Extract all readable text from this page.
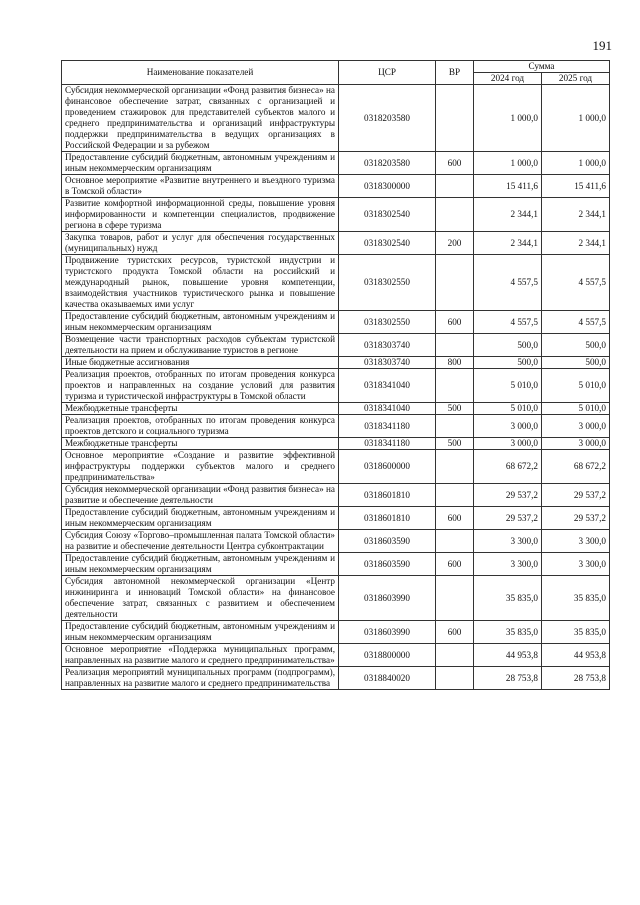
191
Наименование показателей	ЦСР	ВР	Сумма	
			2024 год	2025 год
Субсидия некоммерческой организации «Фонд развития бизнеса» на финансовое обеспечение затрат, связанных с организацией и проведением стажировок для представителей субъектов малого и среднего предпринимательства и организаций инфраструктуры поддержки предпринимательства в ведущих организациях в Российской Федерации и за рубежом	0318203580		1 000,0	1 000,0
Предоставление субсидий бюджетным, автономным учреждениям и иным некоммерческим организациям	0318203580	600	1 000,0	1 000,0
Основное мероприятие «Развитие внутреннего и въездного туризма в Томской области»	0318300000		15 411,6	15 411,6
Развитие комфортной информационной среды, повышение уровня информированности и компетенции специалистов, продвижение региона в сфере туризма	0318302540		2 344,1	2 344,1
Закупка товаров, работ и услуг для обеспечения государственных (муниципальных) нужд	0318302540	200	2 344,1	2 344,1
Продвижение туристских ресурсов, туристской индустрии и туристского продукта Томской области на российский и международный рынок, повышение уровня компетенции, взаимодействия участников туристического рынка и повышение качества оказываемых ими услуг	0318302550		4 557,5	4 557,5
Предоставление субсидий бюджетным, автономным учреждениям и иным некоммерческим организациям	0318302550	600	4 557,5	4 557,5
Возмещение части транспортных расходов субъектам туристской деятельности на прием и обслуживание туристов в регионе	0318303740		500,0	500,0
Иные бюджетные ассигнования	0318303740	800	500,0	500,0
Реализация проектов, отобранных по итогам проведения конкурса проектов и направленных на создание условий для развития туризма и туристической инфраструктуры в Томской области	0318341040		5 010,0	5 010,0
Межбюджетные трансферты	0318341040	500	5 010,0	5 010,0
Реализация проектов, отобранных по итогам проведения конкурса проектов детского и социального туризма	0318341180		3 000,0	3 000,0
Межбюджетные трансферты	0318341180	500	3 000,0	3 000,0
Основное мероприятие «Создание и развитие эффективной инфраструктуры поддержки субъектов малого и среднего предпринимательства»	0318600000		68 672,2	68 672,2
Субсидия некоммерческой организации «Фонд развития бизнеса» на развитие и обеспечение деятельности	0318601810		29 537,2	29 537,2
Предоставление субсидий бюджетным, автономным учреждениям и иным некоммерческим организациям	0318601810	600	29 537,2	29 537,2
Субсидия Союзу «Торгово–промышленная палата Томской области» на развитие и обеспечение деятельности Центра субконтрактации	0318603590		3 300,0	3 300,0
Предоставление субсидий бюджетным, автономным учреждениям и иным некоммерческим организациям	0318603590	600	3 300,0	3 300,0
Субсидия автономной некоммерческой организации «Центр инжиниринга и инноваций Томской области» на финансовое обеспечение затрат, связанных с развитием и обеспечением деятельности	0318603990		35 835,0	35 835,0
Предоставление субсидий бюджетным, автономным учреждениям и иным некоммерческим организациям	0318603990	600	35 835,0	35 835,0
Основное мероприятие «Поддержка муниципальных программ, направленных на развитие малого и среднего предпринимательства»	0318800000		44 953,8	44 953,8
Реализация мероприятий муниципальных программ (подпрограмм), направленных на развитие малого и среднего предпринимательства	0318840020		28 753,8	28 753,8
